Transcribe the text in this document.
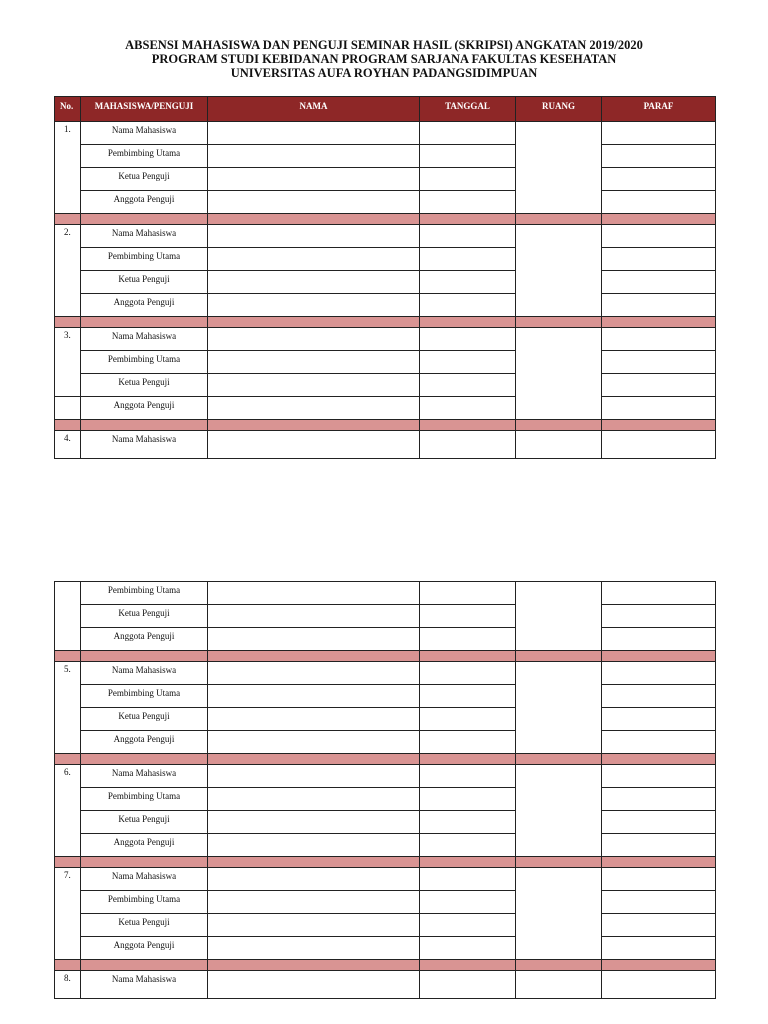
ABSENSI MAHASISWA DAN PENGUJI SEMINAR HASIL (SKRIPSI) ANGKATAN 2019/2020
PROGRAM STUDI KEBIDANAN PROGRAM SARJANA FAKULTAS KESEHATAN
UNIVERSITAS AUFA ROYHAN PADANGSIDIMPUAN
No.	MAHASISWA/PENGUJI	NAMA	TANGGAL	RUANG	PARAF
1.	Nama Mahasiswa				
	Pembimbing Utama				
	Ketua Penguji				
	Anggota Penguji				

2.	Nama Mahasiswa				
	Pembimbing Utama				
	Ketua Penguji				
	Anggota Penguji				

3.	Nama Mahasiswa				
	Pembimbing Utama				
	Ketua Penguji				
	Anggota Penguji				

4.	Nama Mahasiswa				
	Pembimbing Utama				
	Ketua Penguji				
	Anggota Penguji				

5.	Nama Mahasiswa				
	Pembimbing Utama				
	Ketua Penguji				
	Anggota Penguji				

6.	Nama Mahasiswa				
	Pembimbing Utama				
	Ketua Penguji				
	Anggota Penguji				

7.	Nama Mahasiswa				
	Pembimbing Utama				
	Ketua Penguji				
	Anggota Penguji				

8.	Nama Mahasiswa				
